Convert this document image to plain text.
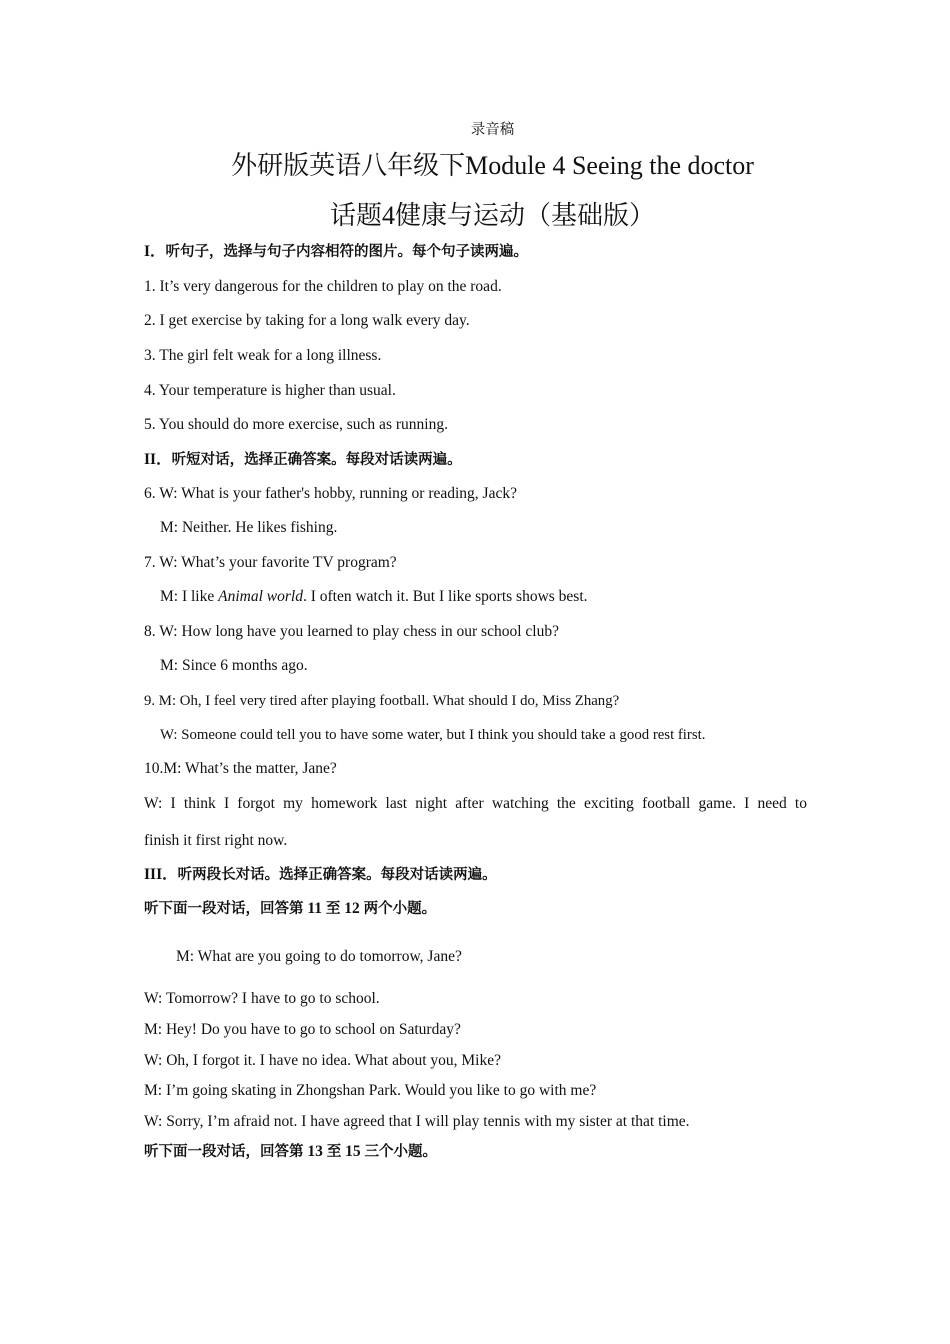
录音稿
外研版英语八年级下Module 4 Seeing the doctor
话题4健康与运动（基础版）
I．听句子，选择与句子内容相符的图片。每个句子读两遍。
1. It’s very dangerous for the children to play on the road.
2. I get exercise by taking for a long walk every day.
3. The girl felt weak for a long illness.
4. Your temperature is higher than usual.
5. You should do more exercise, such as running.
II．听短对话，选择正确答案。每段对话读两遍。
6. W: What is your father's hobby, running or reading, Jack?
M: Neither. He likes fishing.
7. W: What’s your favorite TV program?
M: I like Animal world. I often watch it. But I like sports shows best.
8. W: How long have you learned to play chess in our school club?
M: Since 6 months ago.
9. M: Oh, I feel very tired after playing football. What should I do, Miss Zhang?
W: Someone could tell you to have some water, but I think you should take a good rest first.
10.M: What’s the matter, Jane?
W: I think I forgot my homework last night after watching the exciting football game. I need to
finish it first right now.
III．听两段长对话。选择正确答案。每段对话读两遍。
听下面一段对话，回答第 11 至 12 两个小题。
M: What are you going to do tomorrow, Jane?
W: Tomorrow? I have to go to school.
M: Hey! Do you have to go to school on Saturday?
W: Oh, I forgot it. I have no idea. What about you, Mike?
M: I’m going skating in Zhongshan Park. Would you like to go with me?
W: Sorry, I’m afraid not. I have agreed that I will play tennis with my sister at that time.
听下面一段对话，回答第 13 至 15 三个小题。
